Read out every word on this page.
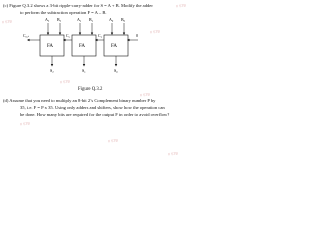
(c) Figure Q.3.2 shows a 3-bit ripple-carry-adder for S = A + B. Modify the adder
to perform the subtraction operation F = A – B.
A₂ B₂	A₁ B₁	A₀ B₀
FA	FA	FA
Cₒᵤₜ	C₂	C₁	0
S₂	S₁	S₀
Figure Q.3.2
# STB
# STB
# STB
# STB
# STB
# STB
# STB
# STB
(d) Assume that you need to multiply an 8-bit 2’s Complement binary number P by
35, i.e. F = P x 35. Using only adders and shifters, show how the operation can
be done. How many bits are required for the output F in order to avoid overflow?
